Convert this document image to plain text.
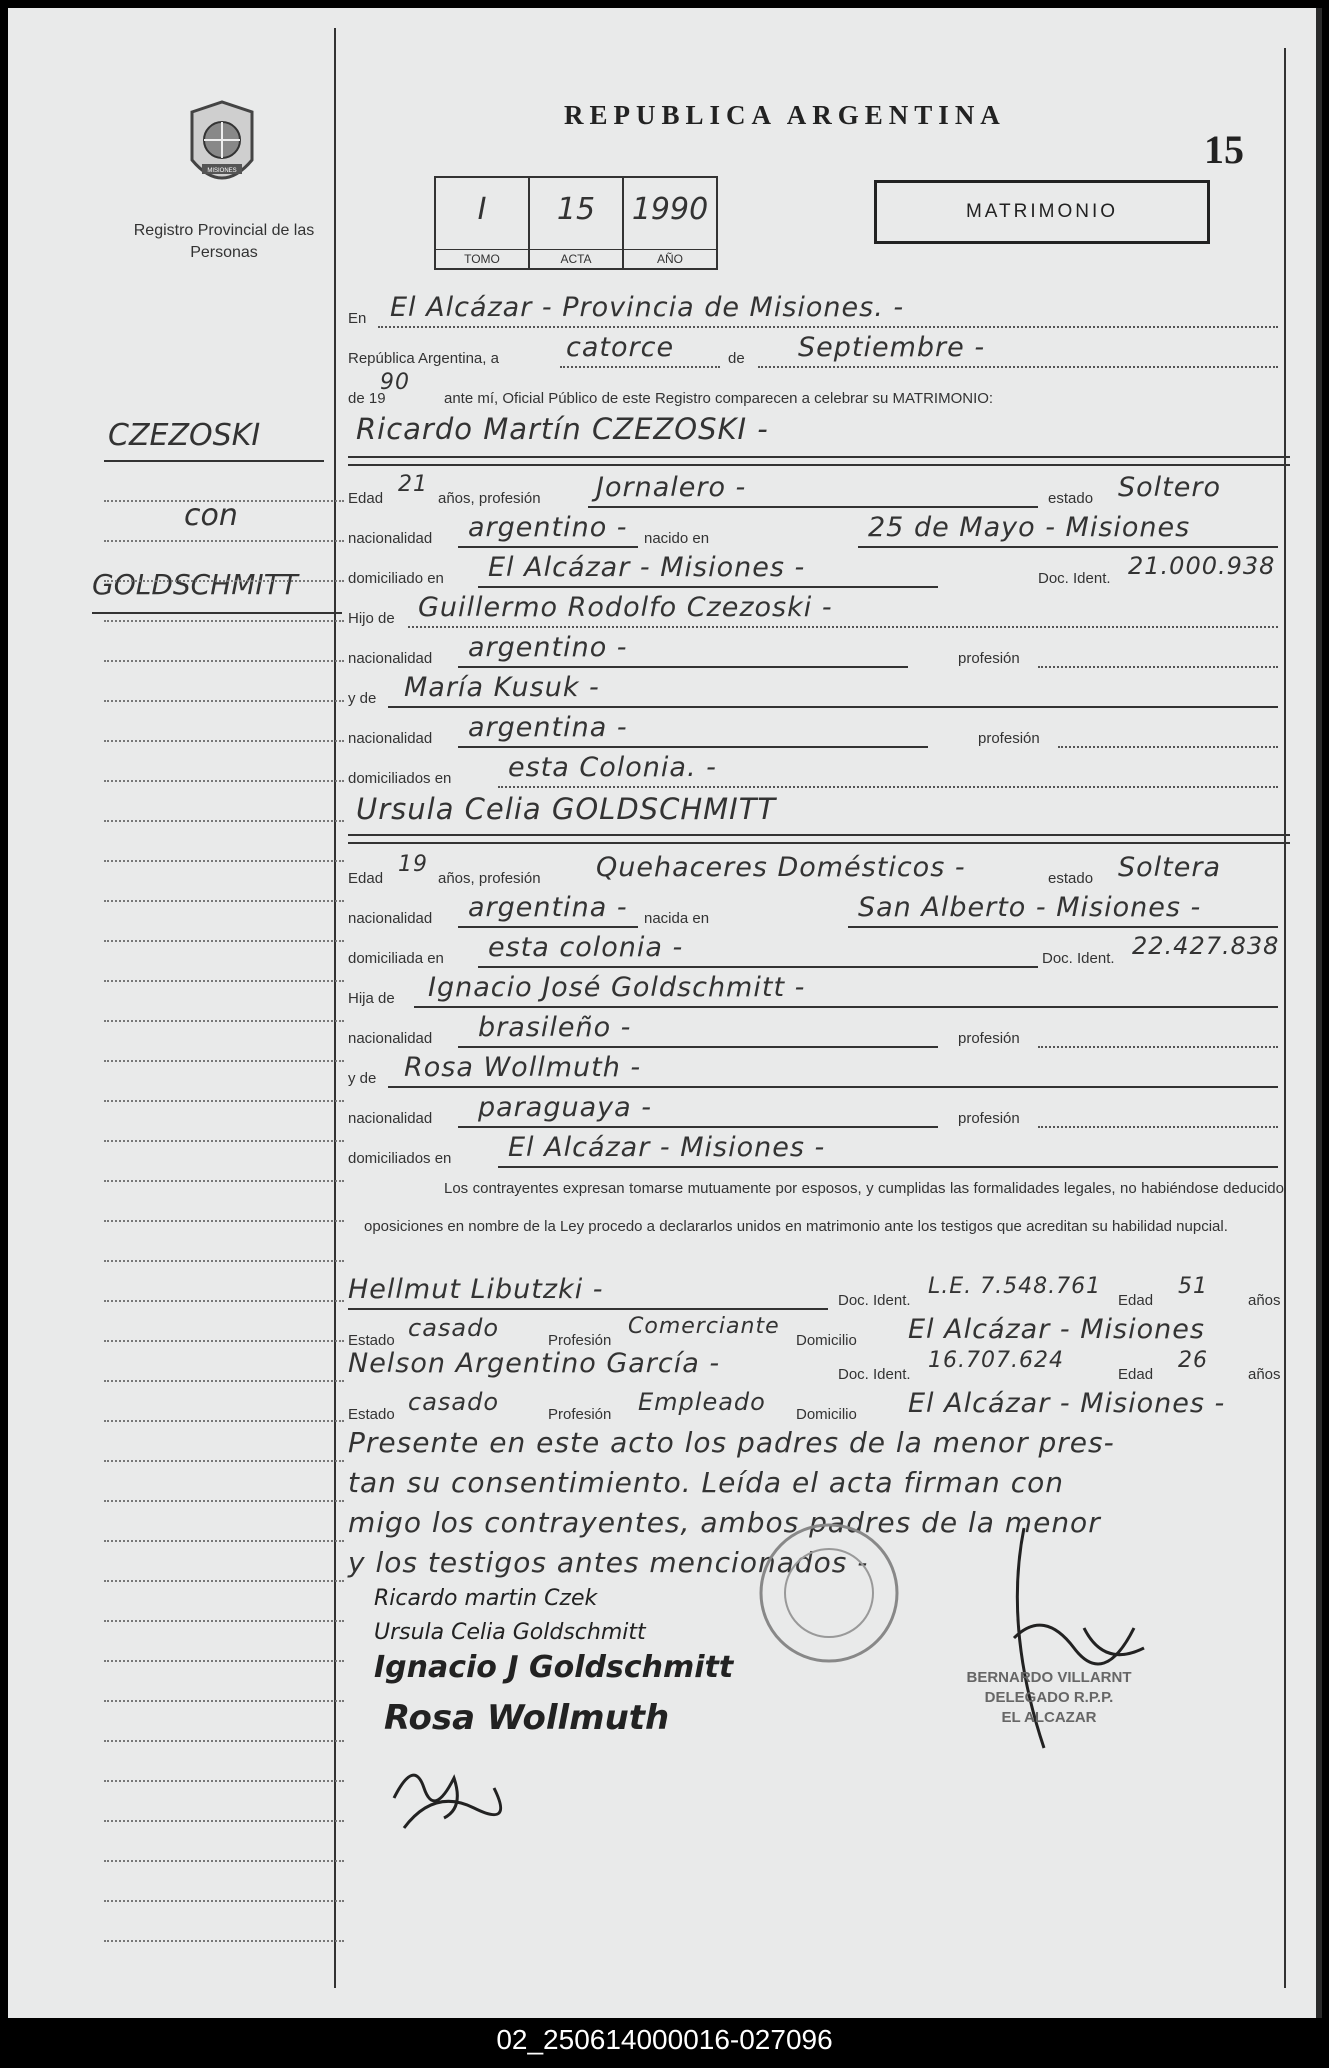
MISIONES
Registro Provincial de las Personas
REPUBLICA ARGENTINA
15
I
TOMO
15
ACTA
1990
AÑO
MATRIMONIO
En El Alcázar - Provincia de Misiones. -
República Argentina, a catorce	de Septiembre -
de 19
90
ante mí, Oficial Público de este Registro comparecen a celebrar su MATRIMONIO:
Ricardo Martín CZEZOSKI -
Edad
21
años, profesión Jornalero -	estado Soltero
nacionalidad argentino - nacido en	25 de Mayo - Misiones
domiciliado en El Alcázar - Misiones -	Doc. Ident. 21.000.938
Hijo de Guillermo Rodolfo Czezoski -
nacionalidad argentino -	profesión
y de María Kusuk -
nacionalidad argentina -	profesión
domiciliados en esta Colonia. -
Ursula Celia GOLDSCHMITT
Edad
19
años, profesión Quehaceres Domésticos -	estado Soltera
nacionalidad argentina - nacida en	San Alberto - Misiones -
domiciliada en esta colonia -	Doc. Ident. 22.427.838
Hija de Ignacio José Goldschmitt -
nacionalidad brasileño -	profesión
y de Rosa Wollmuth -
nacionalidad paraguaya -	profesión
domiciliados en El Alcázar - Misiones -
Los contrayentes expresan tomarse mutuamente por esposos, y cumplidas las formalidades legales, no habiéndose deducido oposiciones en nombre de la Ley procedo a declararlos unidos en matrimonio ante los testigos que acreditan su habilidad nupcial.
Hellmut Libutzki -	Doc. Ident.
L.E. 7.548.761
Edad
51
años
Estado casado	Profesión
Comerciante
Domicilio El Alcázar - Misiones
Nelson Argentino García -	Doc. Ident.
16.707.624
Edad
26
años
Estado casado	Profesión Empleado Domicilio El Alcázar - Misiones -
Presente en este acto los padres de la menor pres-
tan su consentimiento. Leída el acta firman con
migo los contrayentes, ambos padres de la menor
y los testigos antes mencionados -
Ricardo martin Czek
Ursula Celia Goldschmitt
Ignacio J Goldschmitt
Rosa Wollmuth
BERNARDO VILLARNT
DELEGADO R.P.P.
EL ALCAZAR
CZEZOSKI
con
GOLDSCHMITT
02_250614000016-027096
